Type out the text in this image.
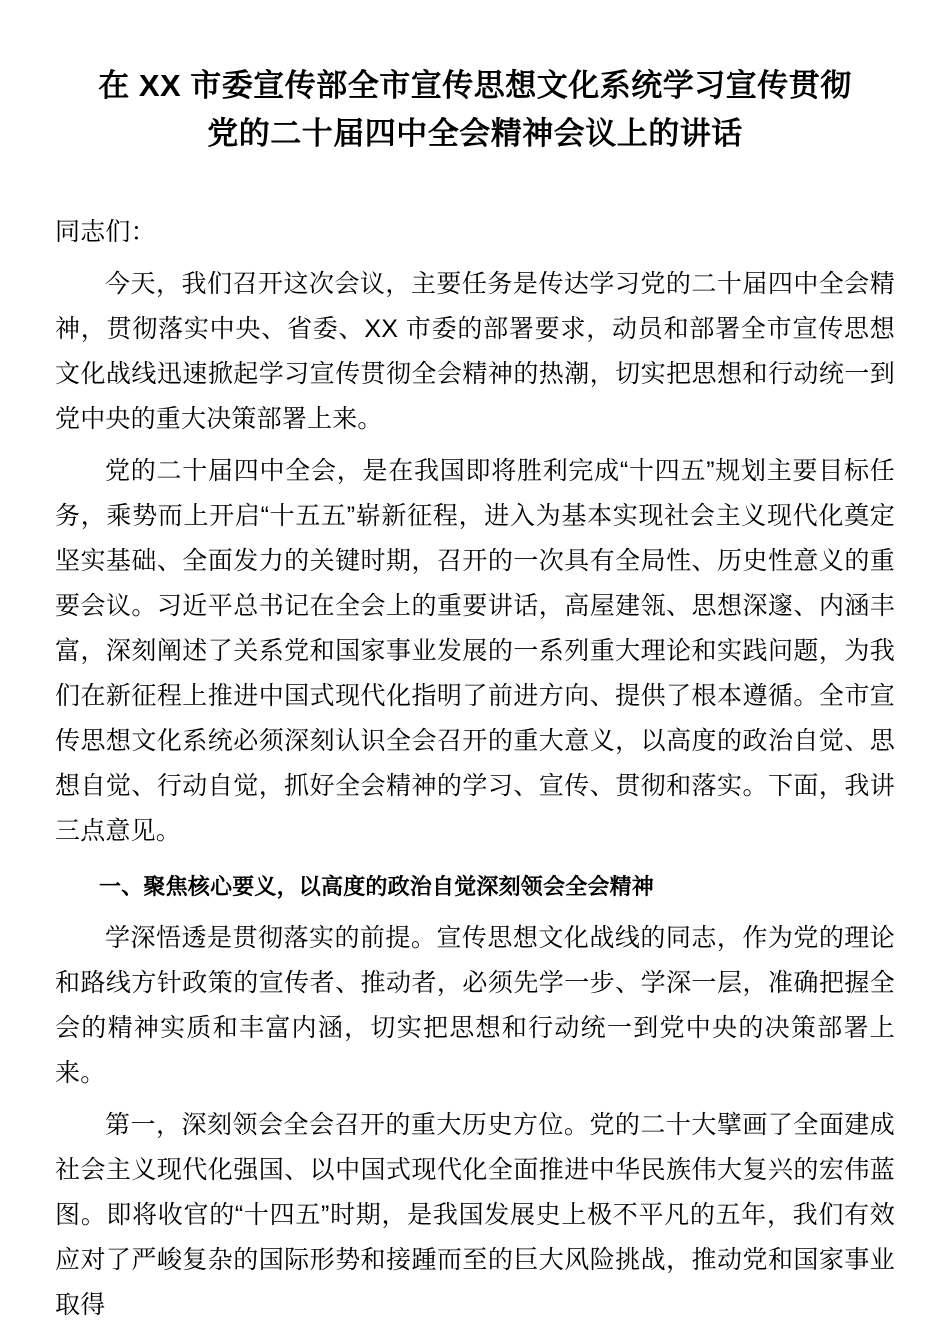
在 XX 市委宣传部全市宣传思想文化系统学习宣传贯彻
党的二十届四中全会精神会议上的讲话

同志们：

今天，我们召开这次会议，主要任务是传达学习党的二十届四中全会精神，贯彻落实中央、省委、XX 市委的部署要求，动员和部署全市宣传思想文化战线迅速掀起学习宣传贯彻全会精神的热潮，切实把思想和行动统一到党中央的重大决策部署上来。

党的二十届四中全会，是在我国即将胜利完成“十四五”规划主要目标任务，乘势而上开启“十五五”崭新征程，进入为基本实现社会主义现代化奠定坚实基础、全面发力的关键时期，召开的一次具有全局性、历史性意义的重要会议。习近平总书记在全会上的重要讲话，高屋建瓴、思想深邃、内涵丰富，深刻阐述了关系党和国家事业发展的一系列重大理论和实践问题，为我们在新征程上推进中国式现代化指明了前进方向、提供了根本遵循。全市宣传思想文化系统必须深刻认识全会召开的重大意义，以高度的政治自觉、思想自觉、行动自觉，抓好全会精神的学习、宣传、贯彻和落实。下面，我讲三点意见。

一、聚焦核心要义，以高度的政治自觉深刻领会全会精神

学深悟透是贯彻落实的前提。宣传思想文化战线的同志，作为党的理论和路线方针政策的宣传者、推动者，必须先学一步、学深一层，准确把握全会的精神实质和丰富内涵，切实把思想和行动统一到党中央的决策部署上来。

第一，深刻领会全会召开的重大历史方位。党的二十大擘画了全面建成社会主义现代化强国、以中国式现代化全面推进中华民族伟大复兴的宏伟蓝图。即将收官的“十四五”时期，是我国发展史上极不平凡的五年，我们有效应对了严峻复杂的国际形势和接踵而至的巨大风险挑战，推动党和国家事业取得
